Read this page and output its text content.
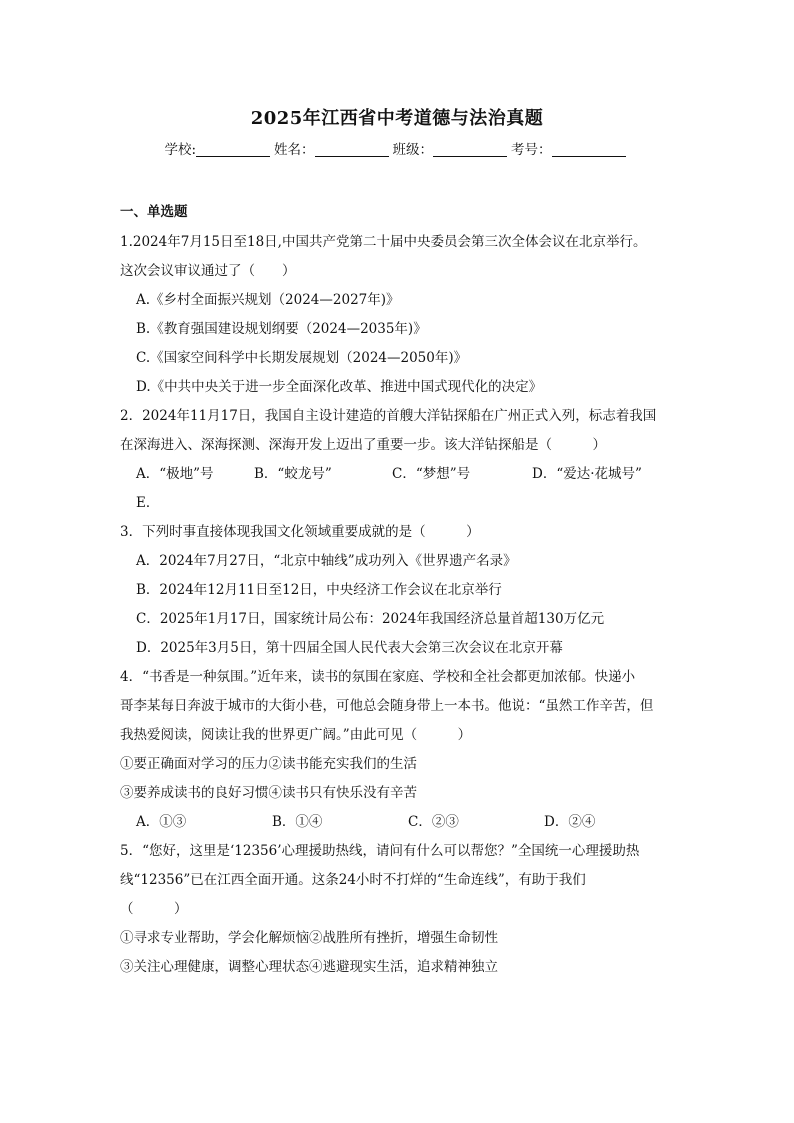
2025年江西省中考道德与法治真题
学校:	姓名：	班级：	考号：
一、单选题
1.2024年7月15日至18日,中国共产党第二十届中央委员会第三次全体会议在北京举行。
这次会议审议通过了（　　）
A.《乡村全面振兴规划（2024—2027年)》
B.《教育强国建设规划纲要（2024—2035年)》
C.《国家空间科学中长期发展规划（2024—2050年)》
D.《中共中央关于进一步全面深化改革、推进中国式现代化的决定》
2．2024年11月17日，我国自主设计建造的首艘大洋钻探船在广州正式入列，标志着我国
在深海进入、深海探测、深海开发上迈出了重要一步。该大洋钻探船是（　　　）
A．“极地”号	B．“蛟龙号”	C．“梦想”号	D．“爱达·花城号”
E．
3．下列时事直接体现我国文化领域重要成就的是（　　　）
A．2024年7月27日，“北京中轴线”成功列入《世界遗产名录》
B．2024年12月11日至12日，中央经济工作会议在北京举行
C．2025年1月17日，国家统计局公布：2024年我国经济总量首超130万亿元
D．2025年3月5日，第十四届全国人民代表大会第三次会议在北京开幕
4．“书香是一种氛围。”近年来，读书的氛围在家庭、学校和全社会都更加浓郁。快递小
哥李某每日奔波于城市的大街小巷，可他总会随身带上一本书。他说：“虽然工作辛苦，但
我热爱阅读，阅读让我的世界更广阔。”由此可见（　　　）
①要正确面对学习的压力②读书能充实我们的生活
③要养成读书的良好习惯④读书只有快乐没有辛苦
A．①③	B．①④	C．②③	D．②④
5．“您好，这里是‘12356’心理援助热线，请问有什么可以帮您？”全国统一心理援助热
线“12356”已在江西全面开通。这条24小时不打烊的“生命连线”，有助于我们
（　　　）
①寻求专业帮助，学会化解烦恼②战胜所有挫折，增强生命韧性
③关注心理健康，调整心理状态④逃避现实生活，追求精神独立
